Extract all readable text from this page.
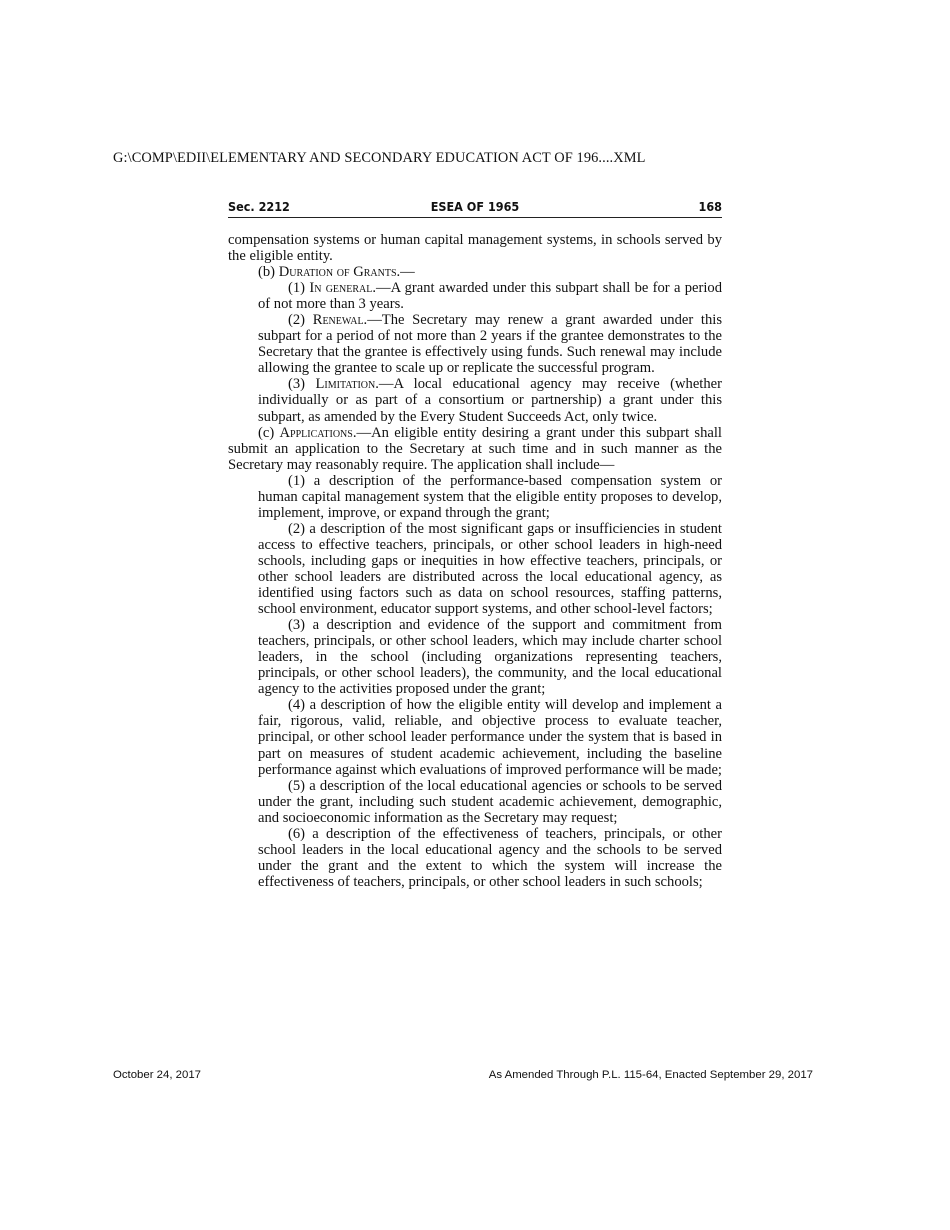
G:\COMP\EDII\ELEMENTARY AND SECONDARY EDUCATION ACT OF 196....XML
Sec. 2212	ESEA OF 1965	168

compensation systems or human capital management systems, in schools served by the eligible entity.

(b) Duration of Grants.—

(1) In general.—A grant awarded under this subpart shall be for a period of not more than 3 years.

(2) Renewal.—The Secretary may renew a grant awarded under this subpart for a period of not more than 2 years if the grantee demonstrates to the Secretary that the grantee is effectively using funds. Such renewal may include allowing the grantee to scale up or replicate the successful program.

(3) Limitation.—A local educational agency may receive (whether individually or as part of a consortium or partnership) a grant under this subpart, as amended by the Every Student Succeeds Act, only twice.

(c) Applications.—An eligible entity desiring a grant under this subpart shall submit an application to the Secretary at such time and in such manner as the Secretary may reasonably require. The application shall include—

(1) a description of the performance-based compensation system or human capital management system that the eligible entity proposes to develop, implement, improve, or expand through the grant;

(2) a description of the most significant gaps or insufficiencies in student access to effective teachers, principals, or other school leaders in high-need schools, including gaps or inequities in how effective teachers, principals, or other school leaders are distributed across the local educational agency, as identified using factors such as data on school resources, staffing patterns, school environment, educator support systems, and other school-level factors;

(3) a description and evidence of the support and commitment from teachers, principals, or other school leaders, which may include charter school leaders, in the school (including organizations representing teachers, principals, or other school leaders), the community, and the local educational agency to the activities proposed under the grant;

(4) a description of how the eligible entity will develop and implement a fair, rigorous, valid, reliable, and objective process to evaluate teacher, principal, or other school leader performance under the system that is based in part on measures of student academic achievement, including the baseline performance against which evaluations of improved performance will be made;

(5) a description of the local educational agencies or schools to be served under the grant, including such student academic achievement, demographic, and socioeconomic information as the Secretary may request;

(6) a description of the effectiveness of teachers, principals, or other school leaders in the local educational agency and the schools to be served under the grant and the extent to which the system will increase the effectiveness of teachers, principals, or other school leaders in such schools;

October 24, 2017	As Amended Through P.L. 115-64, Enacted September 29, 2017
